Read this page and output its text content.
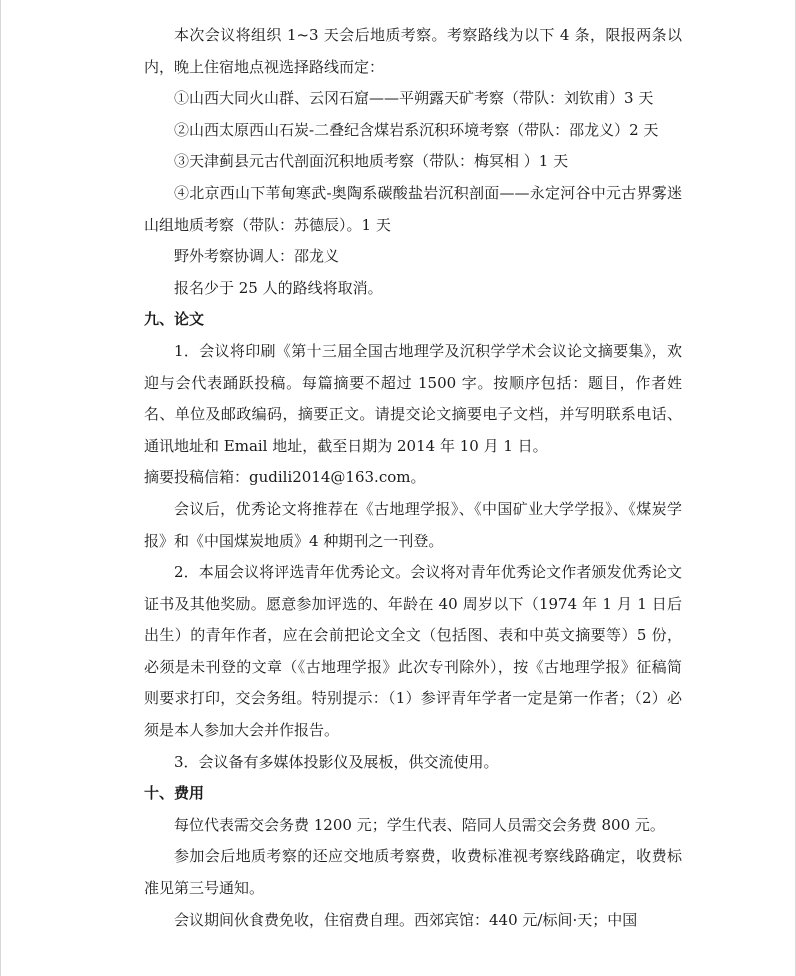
本次会议将组织 1~3 天会后地质考察。考察路线为以下 4 条，限报两条以内，晚上住宿地点视选择路线而定：

①山西大同火山群、云冈石窟——平朔露天矿考察（带队：刘钦甫）3 天

②山西太原西山石炭-二叠纪含煤岩系沉积环境考察（带队：邵龙义）2 天

③天津蓟县元古代剖面沉积地质考察（带队：梅冥相 ）1 天

④北京西山下苇甸寒武-奥陶系碳酸盐岩沉积剖面——永定河谷中元古界雾迷山组地质考察（带队：苏德辰）。1 天

野外考察协调人：邵龙义

报名少于 25 人的路线将取消。

九、论文

1．会议将印刷《第十三届全国古地理学及沉积学学术会议论文摘要集》，欢迎与会代表踊跃投稿。每篇摘要不超过 1500 字。按顺序包括：题目，作者姓名、单位及邮政编码，摘要正文。请提交论文摘要电子文档，并写明联系电话、通讯地址和 Email 地址，截至日期为 2014 年 10 月 1 日。

摘要投稿信箱：gudili2014@163.com。

会议后，优秀论文将推荐在《古地理学报》、《中国矿业大学学报》、《煤炭学报》和《中国煤炭地质》4 种期刊之一刊登。

2．本届会议将评选青年优秀论文。会议将对青年优秀论文作者颁发优秀论文证书及其他奖励。愿意参加评选的、年龄在 40 周岁以下（1974 年 1 月 1 日后出生）的青年作者，应在会前把论文全文（包括图、表和中英文摘要等）5 份，必须是未刊登的文章（《古地理学报》此次专刊除外），按《古地理学报》征稿简则要求打印，交会务组。特别提示：（1）参评青年学者一定是第一作者；（2）必须是本人参加大会并作报告。

3．会议备有多媒体投影仪及展板，供交流使用。

十、费用

每位代表需交会务费 1200 元；学生代表、陪同人员需交会务费 800 元。

参加会后地质考察的还应交地质考察费，收费标准视考察线路确定，收费标准见第三号通知。

会议期间伙食费免收，住宿费自理。西郊宾馆：440 元/标间·天；中国
